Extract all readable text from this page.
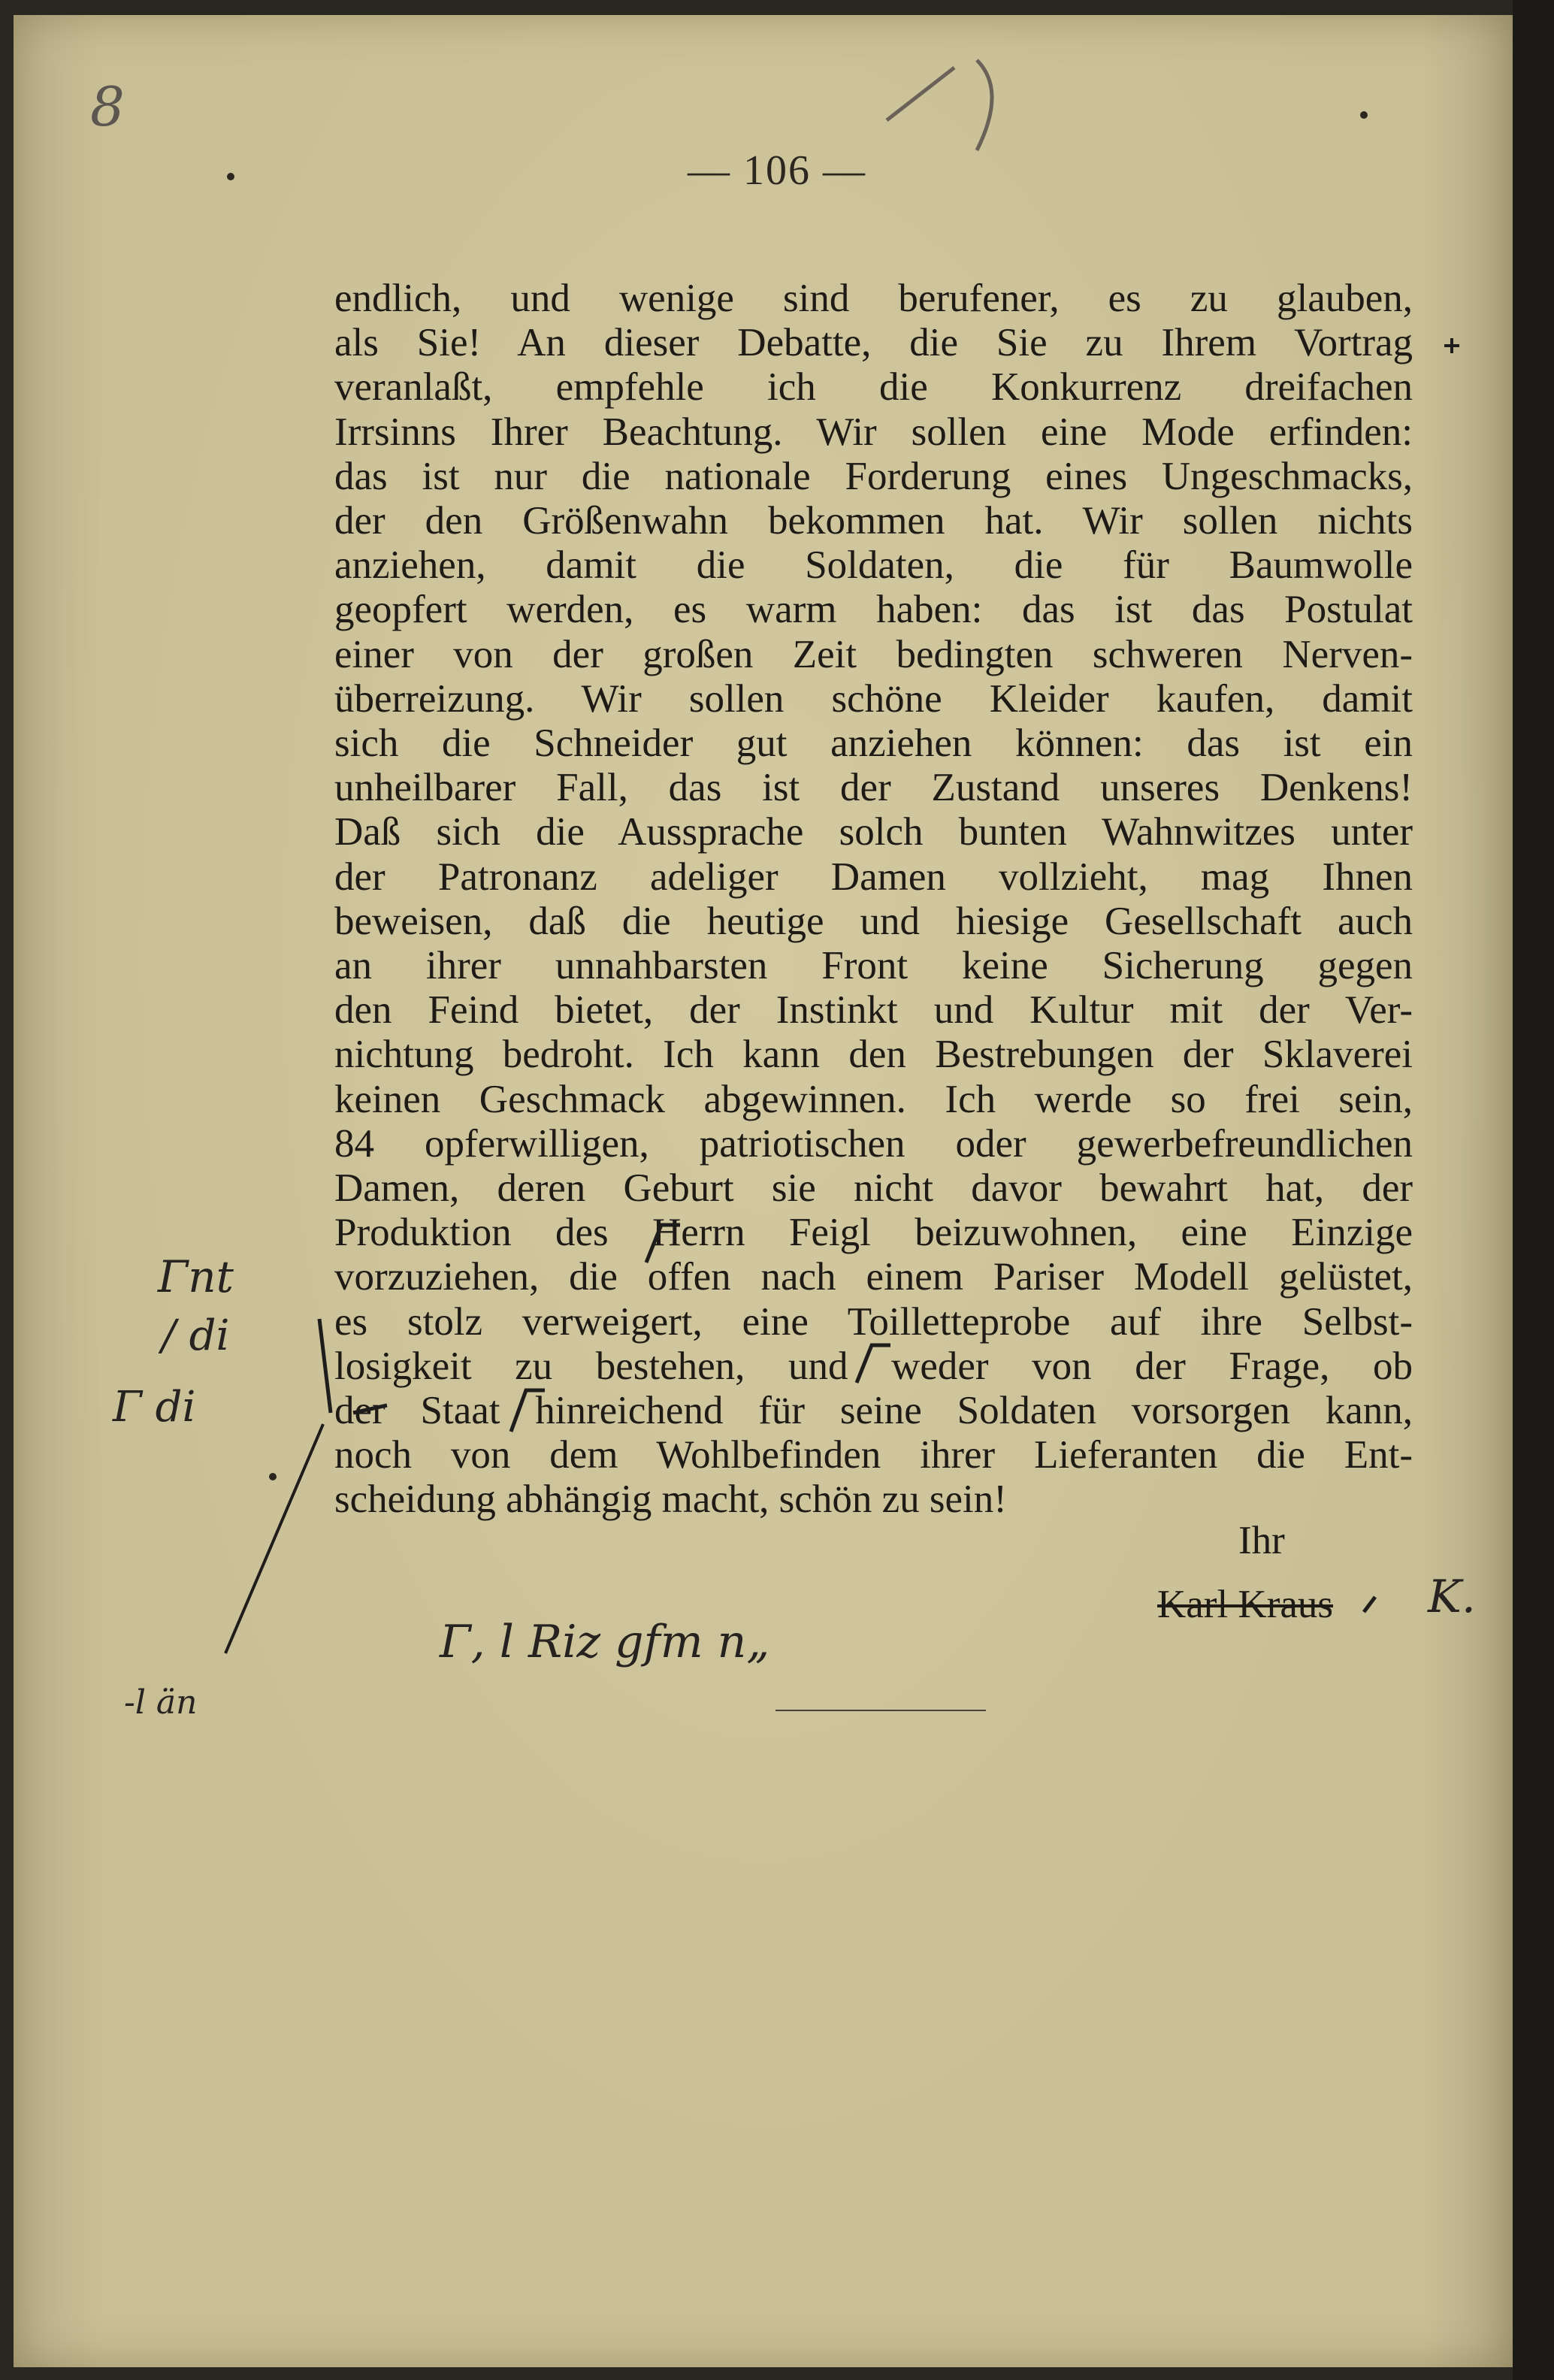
8
— 106 —
endlich, und wenige sind berufener, es zu glauben,
als Sie! An dieser Debatte, die Sie zu Ihrem Vortrag
veranlaßt, empfehle ich die Konkurrenz dreifachen
Irrsinns Ihrer Beachtung. Wir sollen eine Mode erfinden:
das ist nur die nationale Forderung eines Ungeschmacks,
der den Größenwahn bekommen hat. Wir sollen nichts
anziehen, damit die Soldaten, die für Baumwolle
geopfert werden, es warm haben: das ist das Postulat
einer von der großen Zeit bedingten schweren Nerven-
überreizung. Wir sollen schöne Kleider kaufen, damit
sich die Schneider gut anziehen können: das ist ein
unheilbarer Fall, das ist der Zustand unseres Denkens!
Daß sich die Aussprache solch bunten Wahnwitzes unter
der Patronanz adeliger Damen vollzieht, mag Ihnen
beweisen, daß die heutige und hiesige Gesellschaft auch
an ihrer unnahbarsten Front keine Sicherung gegen
den Feind bietet, der Instinkt und Kultur mit der Ver-
nichtung bedroht. Ich kann den Bestrebungen der Sklaverei
keinen Geschmack abgewinnen. Ich werde so frei sein,
84 opferwilligen, patriotischen oder gewerbefreundlichen
Damen, deren Geburt sie nicht davor bewahrt hat, der
Produktion des Herrn Feigl beizuwohnen, eine Einzige
vorzuziehen, die offen nach einem Pariser Modell gelüstet,
es stolz verweigert, eine Toilletteprobe auf ihre Selbst-
losigkeit zu bestehen, und weder von der Frage, ob
der Staat hinreichend für seine Soldaten vorsorgen kann,
noch von dem Wohlbefinden ihrer Lieferanten die Ent-
scheidung abhängig macht, schön zu sein!
Ihr
Karl Kraus K.
Γ⁠n⁠t
/ di
Γ di
Γ, l⁠ Ri⁠z⁠ ⁠g⁠f⁠m⁠ n⁠„
-l ⁠ä⁠n
